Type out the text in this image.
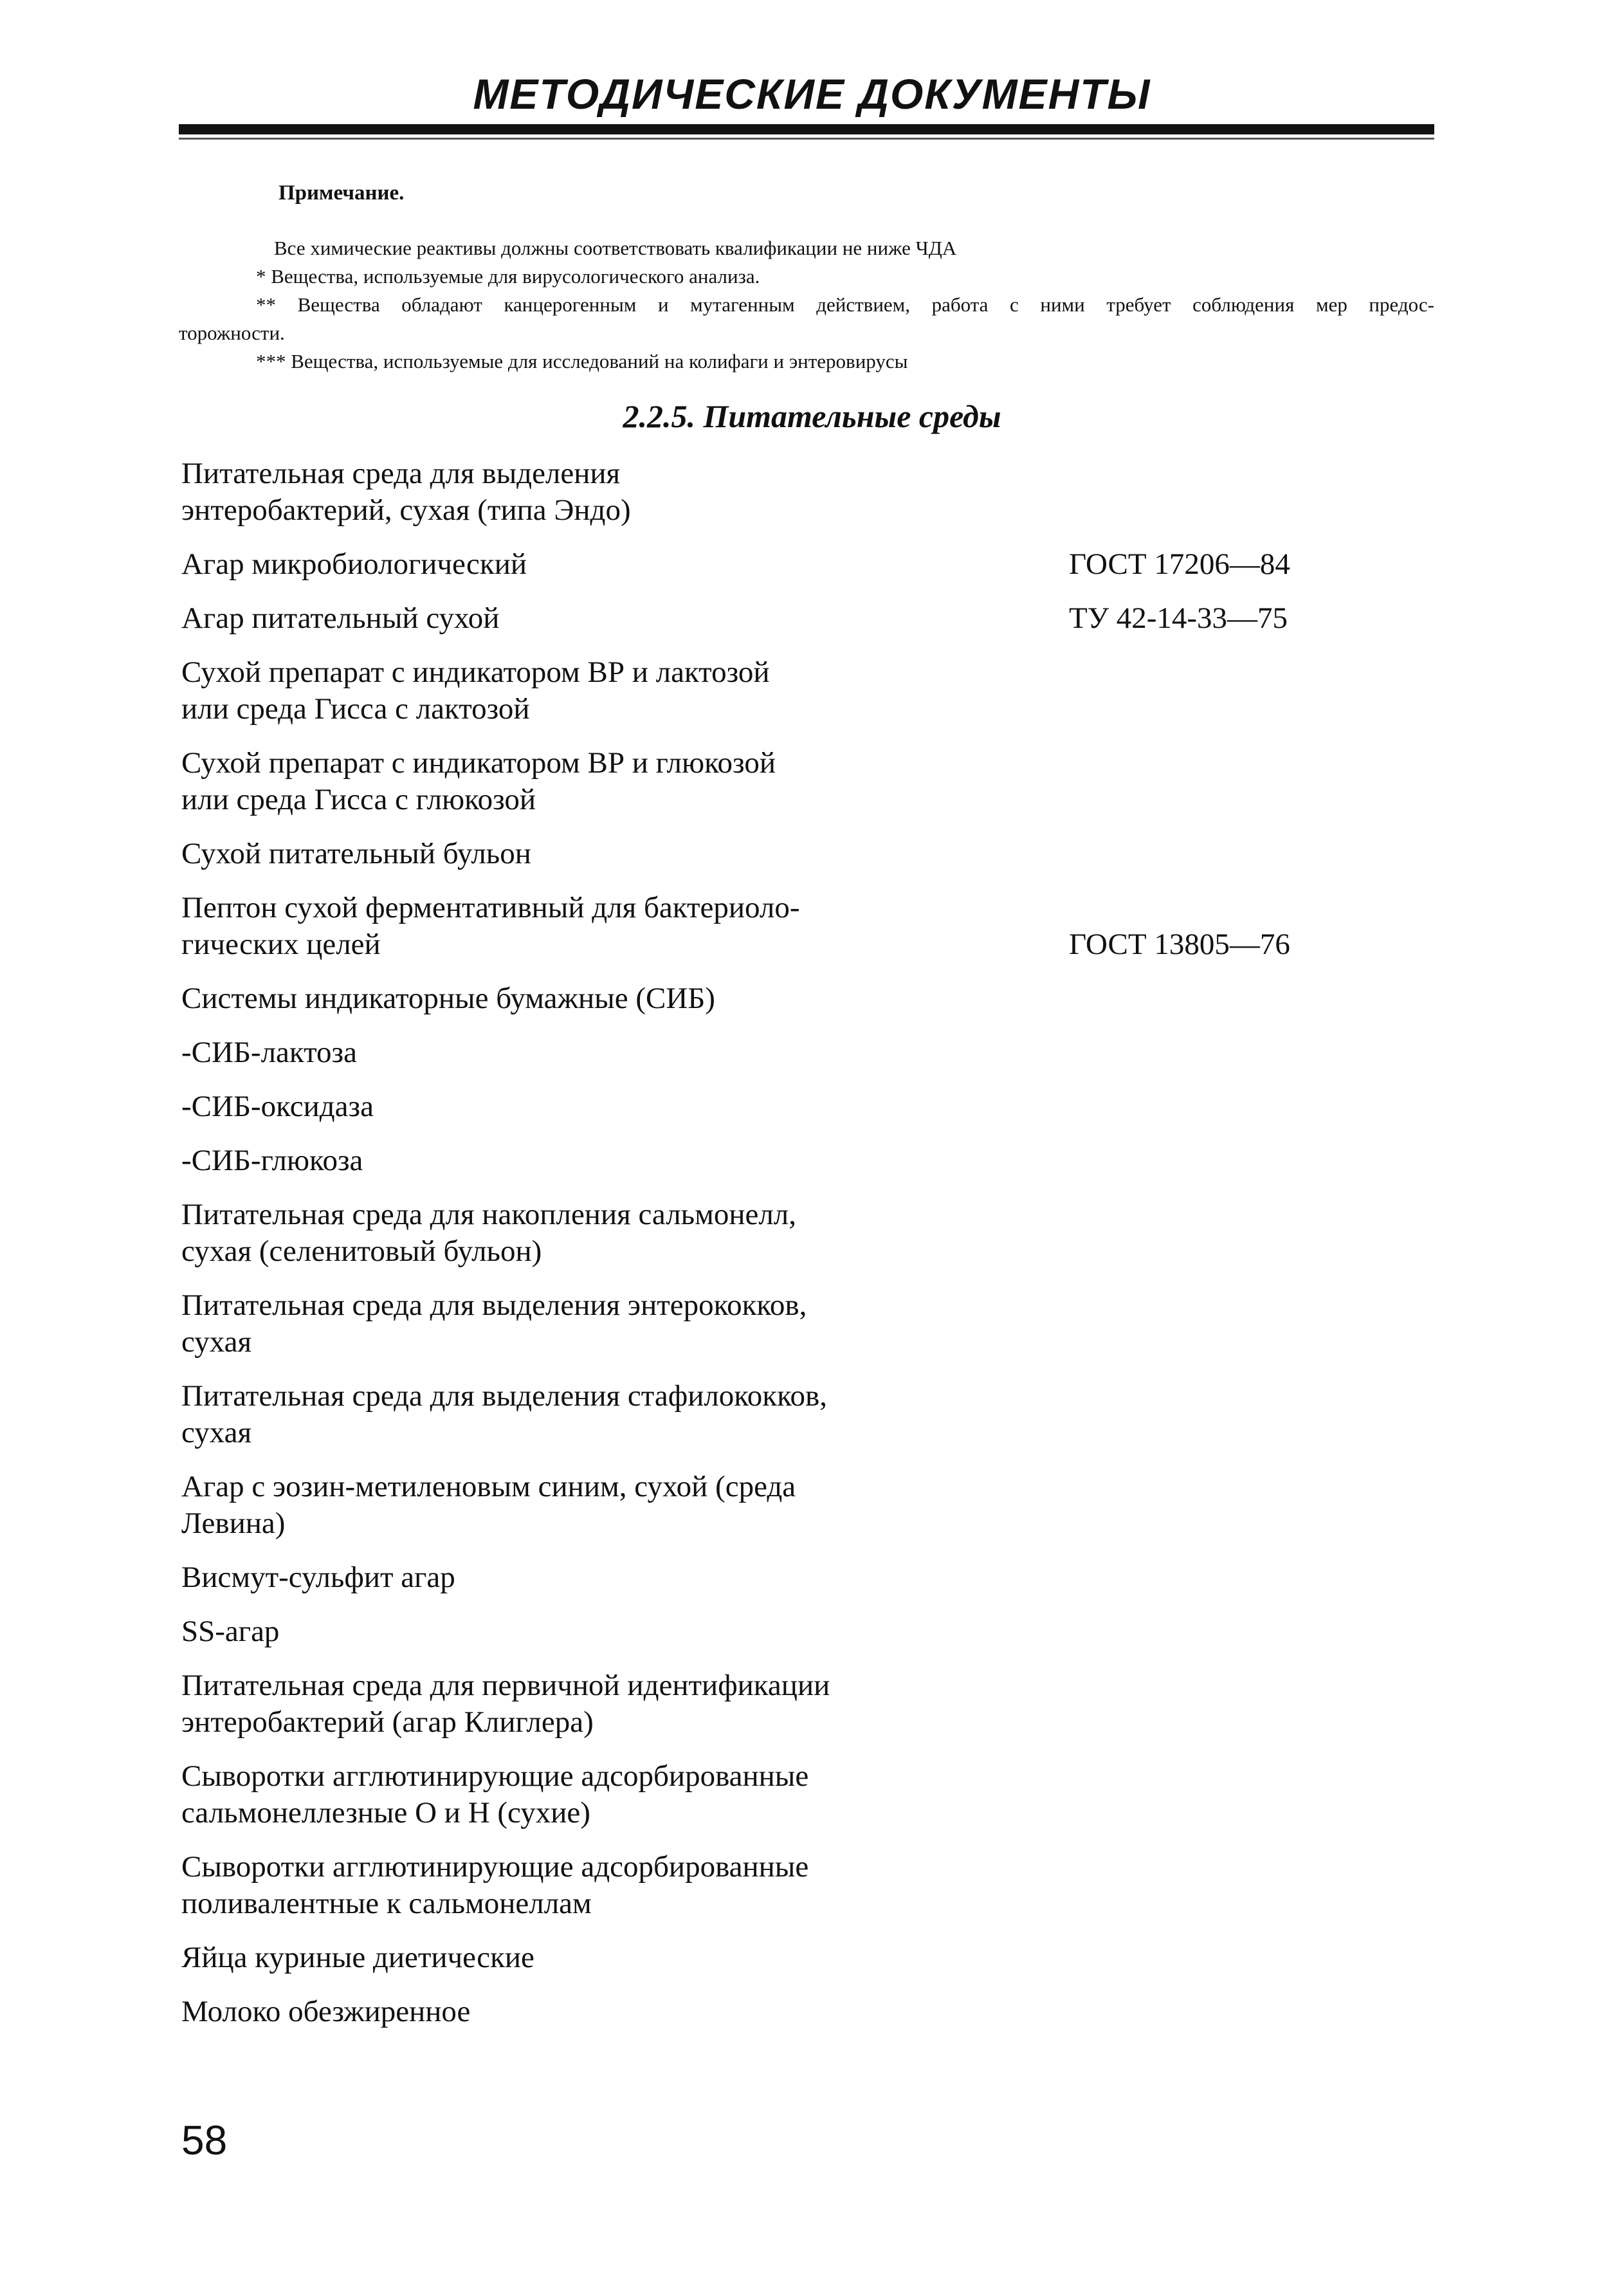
МЕТОДИЧЕСКИЕ ДОКУМЕНТЫ

Примечание.

Все химические реактивы должны соответствовать квалификации не ниже ЧДА

* Вещества, используемые для вирусологического анализа.

** Вещества обладают канцерогенным и мутагенным действием, работа с ними требует соблюдения мер предос-

торожности.

*** Вещества, используемые для исследований на колифаги и энтеровирусы

2.2.5. Питательные среды
Питательная среда для выделения
энтеробактерий, сухая (типа Эндо)
Агар микробиологический	ГОСТ 17206—84
Агар питательный сухой	ТУ 42-14-33—75
Сухой препарат с индикатором ВР и лактозой
или среда Гисса с лактозой
Сухой препарат с индикатором ВР и глюкозой
или среда Гисса с глюкозой
Сухой питательный бульон
Пептон сухой ферментативный для бактериоло-
гических целей	ГОСТ 13805—76
Системы индикаторные бумажные (СИБ)
-СИБ-лактоза
-СИБ-оксидаза
-СИБ-глюкоза
Питательная среда для накопления сальмонелл,
сухая (селенитовый бульон)
Питательная среда для выделения энтерококков,
сухая
Питательная среда для выделения стафилококков,
сухая
Агар с эозин-метиленовым синим, сухой (среда
Левина)
Висмут-сульфит агар
SS-агар
Питательная среда для первичной идентификации
энтеробактерий (агар Клиглера)
Сыворотки агглютинирующие адсорбированные
сальмонеллезные O и H (сухие)
Сыворотки агглютинирующие адсорбированные
поливалентные к сальмонеллам
Яйца куриные диетические
Молоко обезжиренное

58
